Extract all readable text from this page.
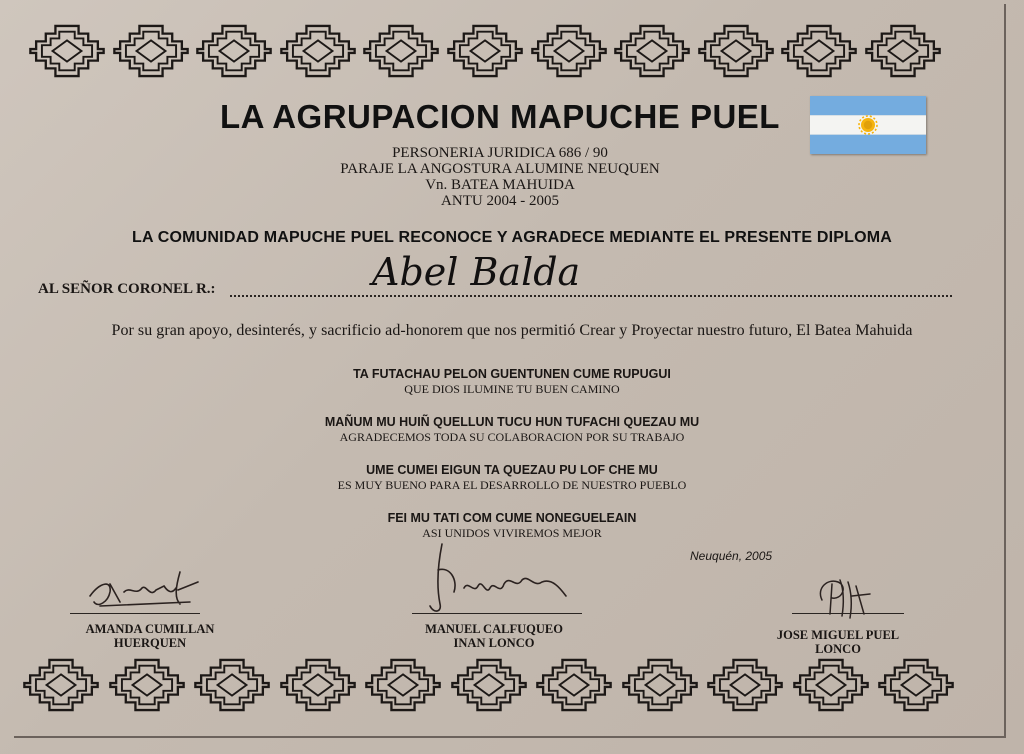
LA AGRUPACION MAPUCHE PUEL
PERSONERIA JURIDICA 686 / 90
PARAJE LA ANGOSTURA ALUMINE NEUQUEN
Vn. BATEA MAHUIDA
ANTU 2004 - 2005
LA COMUNIDAD MAPUCHE PUEL RECONOCE Y AGRADECE MEDIANTE EL PRESENTE DIPLOMA
AL SEÑOR CORONEL R.:	Abel Balda
Por su gran apoyo, desinterés, y sacrificio ad-honorem que nos permitió Crear y Proyectar nuestro futuro, El Batea Mahuida
TA FUTACHAU PELON GUENTUNEN CUME RUPUGUI
QUE DIOS ILUMINE TU BUEN CAMINO
MAÑUM MU HUIÑ QUELLUN TUCU HUN TUFACHI QUEZAU MU
AGRADECEMOS TODA SU COLABORACION POR SU TRABAJO
UME CUMEI EIGUN TA QUEZAU PU LOF CHE MU
ES MUY BUENO PARA EL DESARROLLO DE NUESTRO PUEBLO
FEI MU TATI COM CUME NONEGUELEAIN
ASI UNIDOS VIVIREMOS MEJOR
Neuquén, 2005
AMANDA CUMILLAN
HUERQUEN
MANUEL CALFUQUEO
INAN LONCO
JOSE MIGUEL PUEL
LONCO
